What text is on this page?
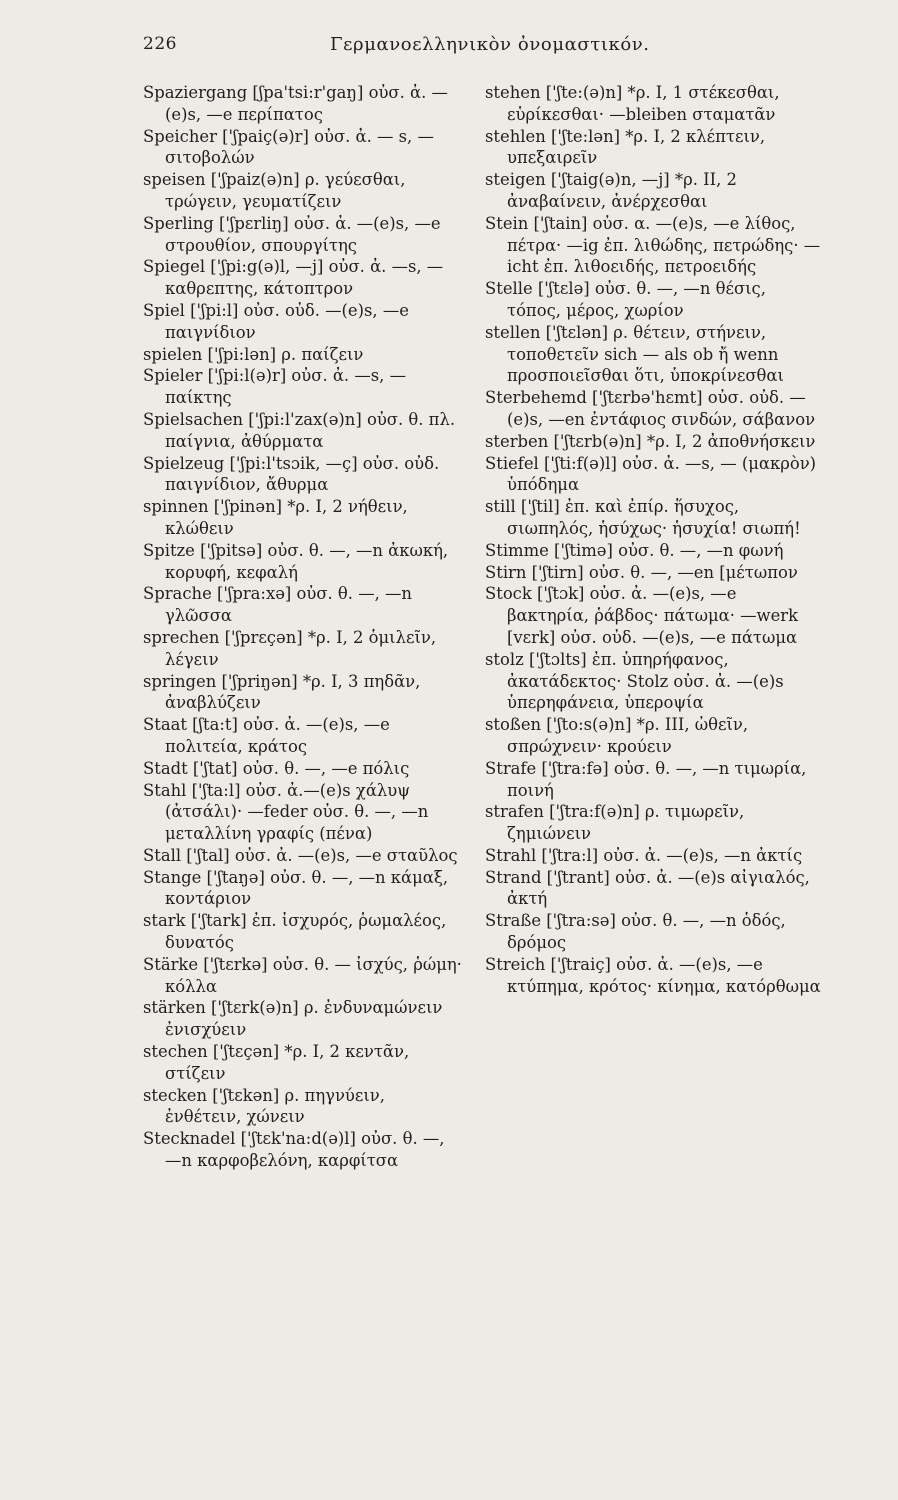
226	Γερμανοελληνικὸν ὀνομαστικόν.

Spaziergang [ʃpa'tsi:r'gaŋ] οὐσ. ἀ. —(e)s, —e περίπατος

Speicher ['ʃpaiç(ə)r] οὐσ. ἀ. — s, — σιτοβολών

speisen ['ʃpaiz(ə)n] ρ. γεύεσθαι, τρώγειν, γευματίζειν

Sperling ['ʃpɛrliŋ] οὐσ. ἀ. —(e)s, —e στρουθίον, σπουργίτης

Spiegel ['ʃpi:g(ə)l, —j] οὐσ. ἀ. —s, — καθρεπτης, κάτοπτρον

Spiel ['ʃpi:l] οὐσ. οὐδ. —(e)s, —e παιγνίδιον

spielen ['ʃpi:lən] ρ. παίζειν

Spieler ['ʃpi:l(ə)r] οὐσ. ἀ. —s, — παίκτης

Spielsachen ['ʃpi:l'zax(ə)n] οὐσ. θ. πλ. παίγνια, ἀθύρματα

Spielzeug ['ʃpi:l'tsɔik, —ç] οὐσ. οὐδ. παιγνίδιον, ἄθυρμα

spinnen ['ʃpinən] *ρ. I, 2 νήθειν, κλώθειν

Spitze ['ʃpitsə] οὐσ. θ. —, —n ἀκωκή, κορυφή, κεφαλή

Sprache ['ʃpra:xə] οὐσ. θ. —, —n γλῶσσα

sprechen ['ʃprɛçən] *ρ. I, 2 ὁμιλεῖν, λέγειν

springen ['ʃpriŋən] *ρ. I, 3 πηδᾶν, ἀναβλύζειν

Staat [ʃta:t] οὐσ. ἀ. —(e)s, —e πολιτεία, κράτος

Stadt ['ʃtat] οὐσ. θ. —, —e πόλις

Stahl ['ʃta:l] οὐσ. ἀ.—(e)s χάλυψ (ἀτσάλι)· —feder οὐσ. θ. —, —n μεταλλίνη γραφίς (πένα)

Stall ['ʃtal] οὐσ. ἀ. —(e)s, —e σταῦλος

Stange ['ʃtaŋə] οὐσ. θ. —, —n κάμαξ, κοντάριον

stark ['ʃtark] ἐπ. ἰσχυρός, ῥωμαλέος, δυνατός

Stärke ['ʃtɛrkə] οὐσ. θ. — ἰσχύς, ῥώμη· κόλλα

stärken ['ʃtɛrk(ə)n] ρ. ἐνδυναμώνειν ἐνισχύειν

stechen ['ʃtɛçən] *ρ. I, 2 κεντᾶν, στίζειν

stecken ['ʃtɛkən] ρ. πηγνύειν, ἐνθέτειν, χώνειν

Stecknadel ['ʃtɛk'na:d(ə)l] οὐσ. θ. —, —n καρφοβελόνη, καρφίτσα

stehen ['ʃte:(ə)n] *ρ. I, 1 στέκεσθαι, εὑρίκεσθαι· —bleiben σταματᾶν

stehlen ['ʃte:lən] *ρ. I, 2 κλέπτειν, υπεξαιρεῖν

steigen ['ʃtaig(ə)n, —j] *ρ. II, 2 ἀναβαίνειν, ἀνέρχεσθαι

Stein ['ʃtain] οὐσ. α. —(e)s, —e λίθος, πέτρα· —ig ἐπ. λιθώδης, πετρώδης· —icht ἐπ. λιθοειδής, πετροειδής

Stelle ['ʃtɛlə] οὐσ. θ. —, —n θέσις, τόπος, μέρος, χωρίον

stellen ['ʃtɛlən] ρ. θέτειν, στήνειν, τοποθετεῖν sich — als ob ἤ wenn προσποιεῖσθαι ὅτι, ὑποκρίνεσθαι

Sterbehemd ['ʃtɛrbə'hɛmt] οὐσ. οὐδ. —(e)s, —en ἐντάφιος σινδών, σάβανον

sterben ['ʃtɛrb(ə)n] *ρ. I, 2 ἀποθνήσκειν

Stiefel ['ʃti:f(ə)l] οὐσ. ἀ. —s, — (μακρὸν) ὑπόδημα

still ['ʃtil] ἐπ. καὶ ἐπίρ. ἥσυχος, σιωπηλός, ἡσύχως· ἡσυχία! σιωπή!

Stimme ['ʃtimə] οὐσ. θ. —, —n φωνή

Stirn ['ʃtirn] οὐσ. θ. —, —en [μέτωπον

Stock ['ʃtɔk] οὐσ. ἀ. —(e)s, —e βακτηρία, ῥάβδος· πάτωμα· —werk [vɛrk] οὐσ. οὐδ. —(e)s, —e πάτωμα

stolz ['ʃtɔlts] ἐπ. ὑπηρήφανος, ἀκατάδεκτος· Stolz οὐσ. ἀ. —(e)s ὑπερηφάνεια, ὑπεροψία

stoßen ['ʃto:s(ə)n] *ρ. III, ὠθεῖν, σπρώχνειν· κρούειν

Strafe ['ʃtra:fə] οὐσ. θ. —, —n τιμωρία, ποινή

strafen ['ʃtra:f(ə)n] ρ. τιμωρεῖν, ζημιώνειν

Strahl ['ʃtra:l] οὐσ. ἀ. —(e)s, —n ἀκτίς

Strand ['ʃtrant] οὐσ. ἀ. —(e)s αἰγιαλός, ἀκτή

Straße ['ʃtra:sə] οὐσ. θ. —, —n ὁδός, δρόμος

Streich ['ʃtraiç] οὐσ. ἀ. —(e)s, —e κτύπημα, κρότος· κίνημα, κατόρθωμα
